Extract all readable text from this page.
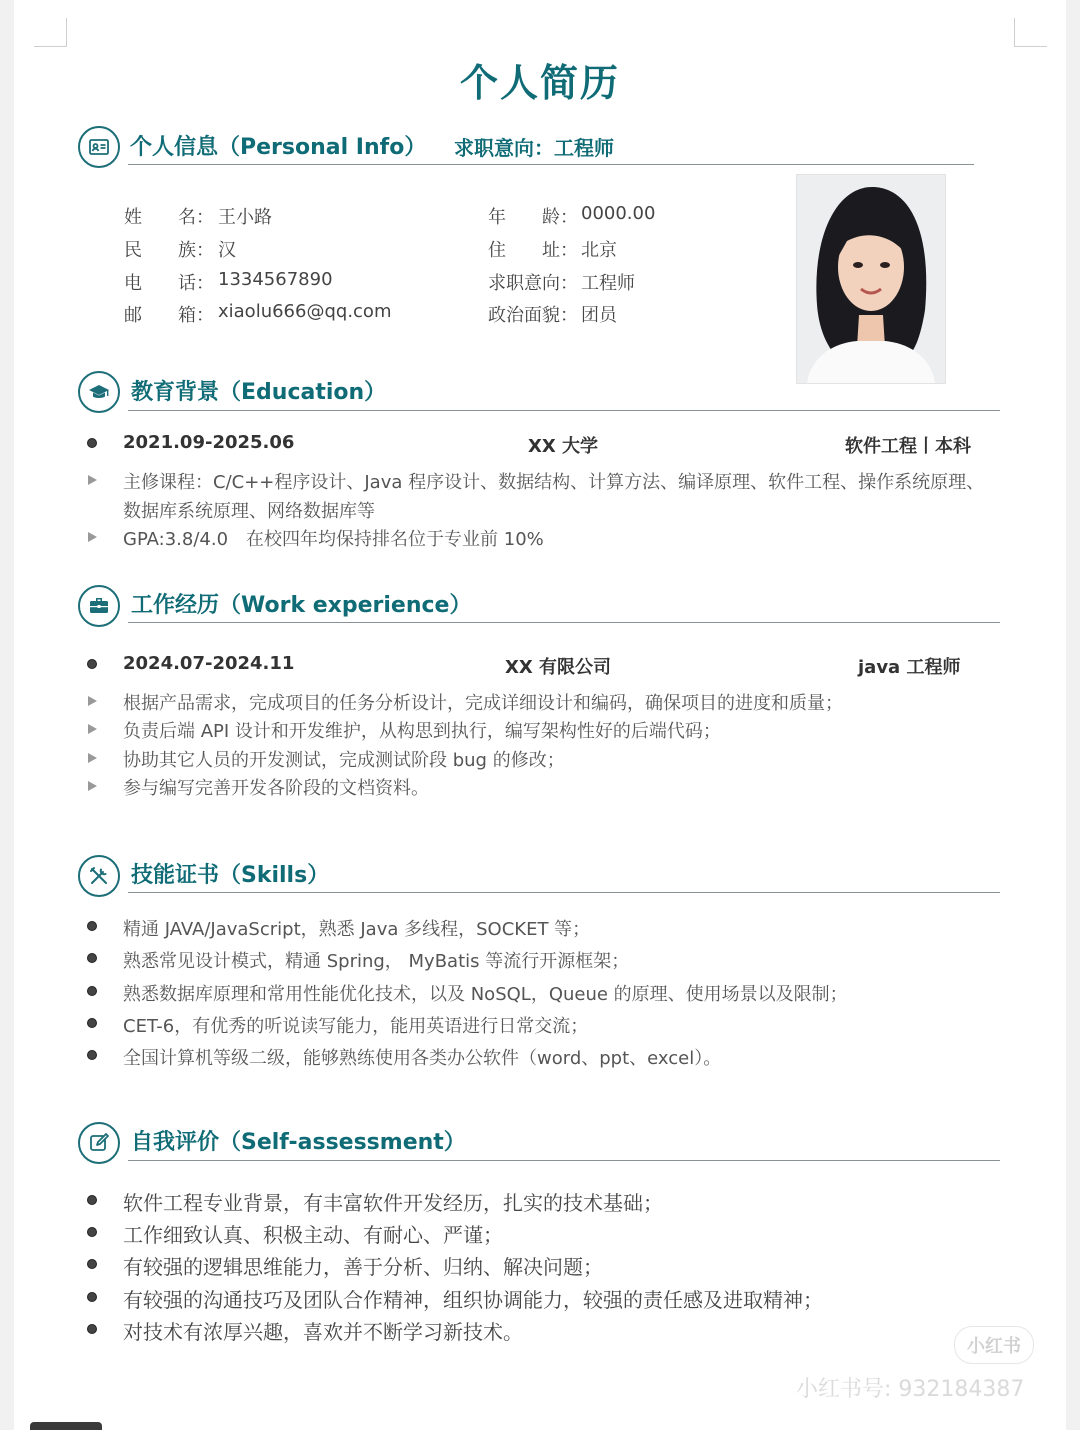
个人简历
个人信息（Personal Info） 求职意向：工程师
姓　　名： 王小路
民　　族： 汉
电　　话： 1334567890
邮　　箱： xiaolu666@qq.com
年　　龄： 0000.00
住　　址： 北京
求职意向： 工程师
政治面貌： 团员
教育背景（Education）
2021.09-2025.06	XX 大学	软件工程丨本科
主修课程：C/C++程序设计、Java 程序设计、数据结构、计算方法、编译原理、软件工程、操作系统原理、
数据库系统原理、网络数据库等
GPA:3.8/4.0　在校四年均保持排名位于专业前 10%
工作经历（Work experience）
2024.07-2024.11	XX 有限公司	java 工程师
根据产品需求，完成项目的任务分析设计，完成详细设计和编码，确保项目的进度和质量；
负责后端 API 设计和开发维护，从构思到执行，编写架构性好的后端代码；
协助其它人员的开发测试，完成测试阶段 bug 的修改；
参与编写完善开发各阶段的文档资料。
技能证书（Skills）
精通 JAVA/JavaScript，熟悉 Java 多线程，SOCKET 等；
熟悉常见设计模式，精通 Spring， MyBatis 等流行开源框架；
熟悉数据库原理和常用性能优化技术，以及 NoSQL，Queue 的原理、使用场景以及限制；
CET-6，有优秀的听说读写能力，能用英语进行日常交流；
全国计算机等级二级，能够熟练使用各类办公软件（word、ppt、excel）。
自我评价（Self-assessment）
软件工程专业背景，有丰富软件开发经历，扎实的技术基础；
工作细致认真、积极主动、有耐心、严谨；
有较强的逻辑思维能力，善于分析、归纳、解决问题；
有较强的沟通技巧及团队合作精神，组织协调能力，较强的责任感及进取精神；
对技术有浓厚兴趣，喜欢并不断学习新技术。
小红书
小红书号: 932184387
